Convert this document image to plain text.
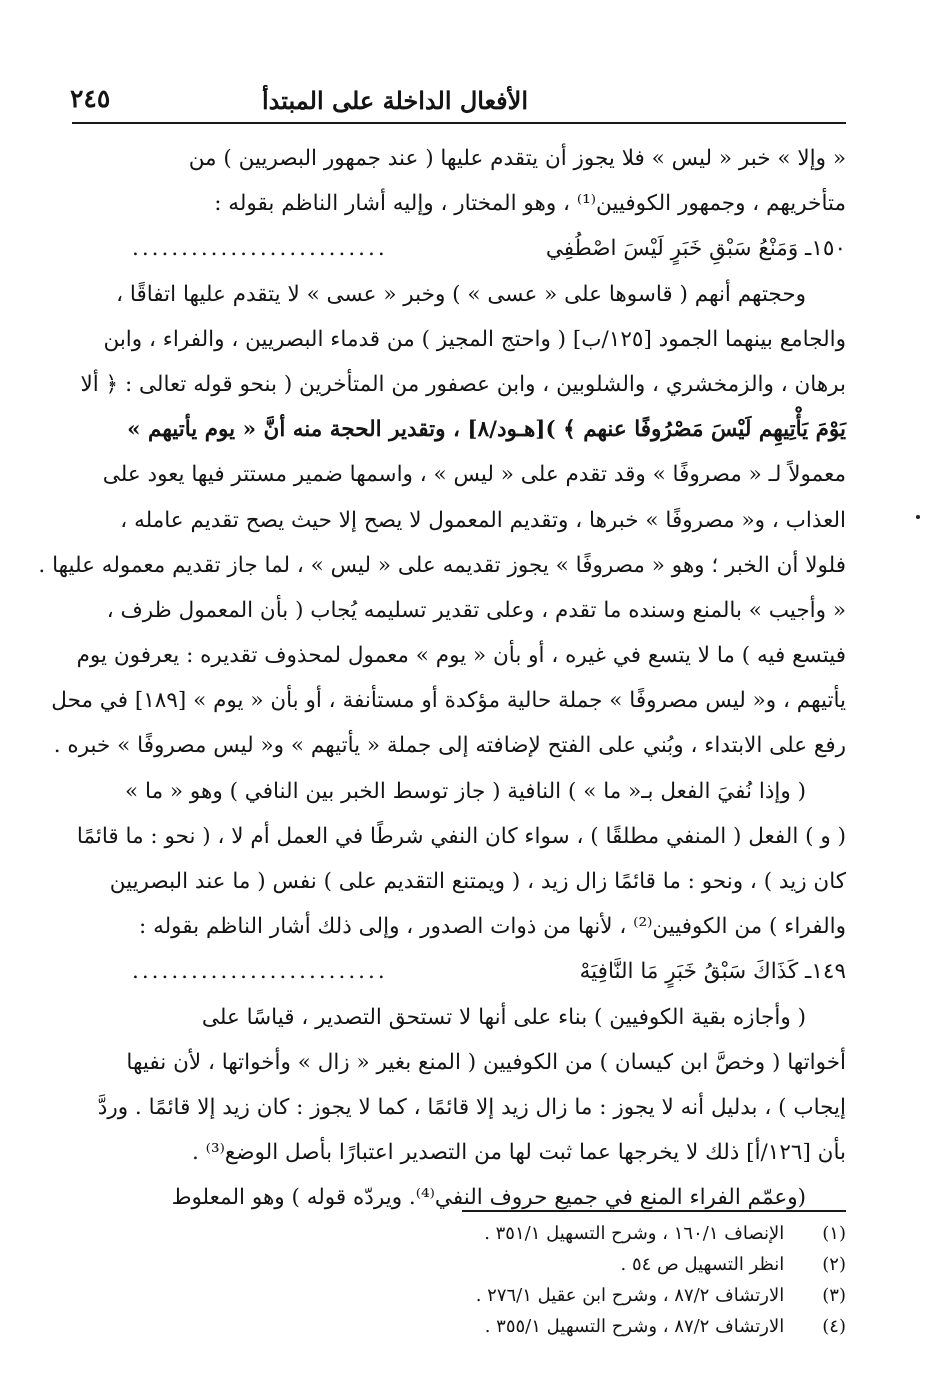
٢٤٥	الأفعال الداخلة على المبتدأ
« وإلا » خبر « ليس » فلا يجوز أن يتقدم عليها ( عند جمهور البصريين ) من
متأخريهم ، وجمهور الكوفيين⁽¹⁾ ، وهو المختار ، وإليه أشار الناظم بقوله :
١٥٠ـ وَمَنْعُ سَبْقِ خَبَرٍ لَيْسَ اصْطُفِي
..........................
وحجتهم أنهم ( قاسوها على « عسى » ) وخبر « عسى » لا يتقدم عليها اتفاقًا ،
والجامع بينهما الجمود [١٢٥/ب] ( واحتج المجيز ) من قدماء البصريين ، والفراء ، وابن
برهان ، والزمخشري ، والشلوبين ، وابن عصفور من المتأخرين ( بنحو قوله تعالى : ﴿ ألا
يَوْمَ يَأْتِيهِم لَيْسَ مَصْرُوفًا عنهم ﴾ )[هـود/٨] ، وتقدير الحجة منه أنَّ « يوم يأتيهم »
معمولاً لـ « مصروفًا » وقد تقدم على « ليس » ، واسمها ضمير مستتر فيها يعود على
العذاب ، و« مصروفًا » خبرها ، وتقديم المعمول لا يصح إلا حيث يصح تقديم عامله ،
فلولا أن الخبر ؛ وهو « مصروفًا » يجوز تقديمه على « ليس » ، لما جاز تقديم معموله عليها .
« وأجيب » بالمنع وسنده ما تقدم ، وعلى تقدير تسليمه يُجاب ( بأن المعمول ظرف ،
فيتسع فيه ) ما لا يتسع في غيره ، أو بأن « يوم » معمول لمحذوف تقديره : يعرفون يوم
يأتيهم ، و« ليس مصروفًا » جملة حالية مؤكدة أو مستأنفة ، أو بأن « يوم » [١٨٩] في محل
رفع على الابتداء ، وبُني على الفتح لإضافته إلى جملة « يأتيهم » و« ليس مصروفًا » خبره .
( وإذا نُفيَ الفعل بـ« ما » ) النافية ( جاز توسط الخبر بين النافي ) وهو « ما »
( و ) الفعل ( المنفي مطلقًا ) ، سواء كان النفي شرطًا في العمل أم لا ، ( نحو : ما قائمًا
كان زيد ) ، ونحو : ما قائمًا زال زيد ، ( ويمتنع التقديم على ) نفس ( ما عند البصريين
والفراء ) من الكوفيين⁽²⁾ ، لأنها من ذوات الصدور ، وإلى ذلك أشار الناظم بقوله :
١٤٩ـ كَذَاكَ سَبْقُ خَبَرٍ مَا النَّافِيَهْ
..........................
( وأجازه بقية الكوفيين ) بناء على أنها لا تستحق التصدير ، قياسًا على
أخواتها ( وخصَّ ابن كيسان ) من الكوفيين ( المنع بغير « زال » وأخواتها ، لأن نفيها
إيجاب ) ، بدليل أنه لا يجوز : ما زال زيد إلا قائمًا ، كما لا يجوز : كان زيد إلا قائمًا . وردَّ
بأن [١٢٦/أ] ذلك لا يخرجها عما ثبت لها من التصدير اعتبارًا بأصل الوضع⁽³⁾ .
(وعمّم الفراء المنع في جميع حروف النفي⁽⁴⁾. ويردّه قوله ) وهو المعلوط
(١) الإنصاف ١٦٠/١ ، وشرح التسهيل ٣٥١/١ .
(٢) انظر التسهيل ص ٥٤ .
(٣) الارتشاف ٨٧/٢ ، وشرح ابن عقيل ٢٧٦/١ .
(٤) الارتشاف ٨٧/٢ ، وشرح التسهيل ٣٥٥/١ .
